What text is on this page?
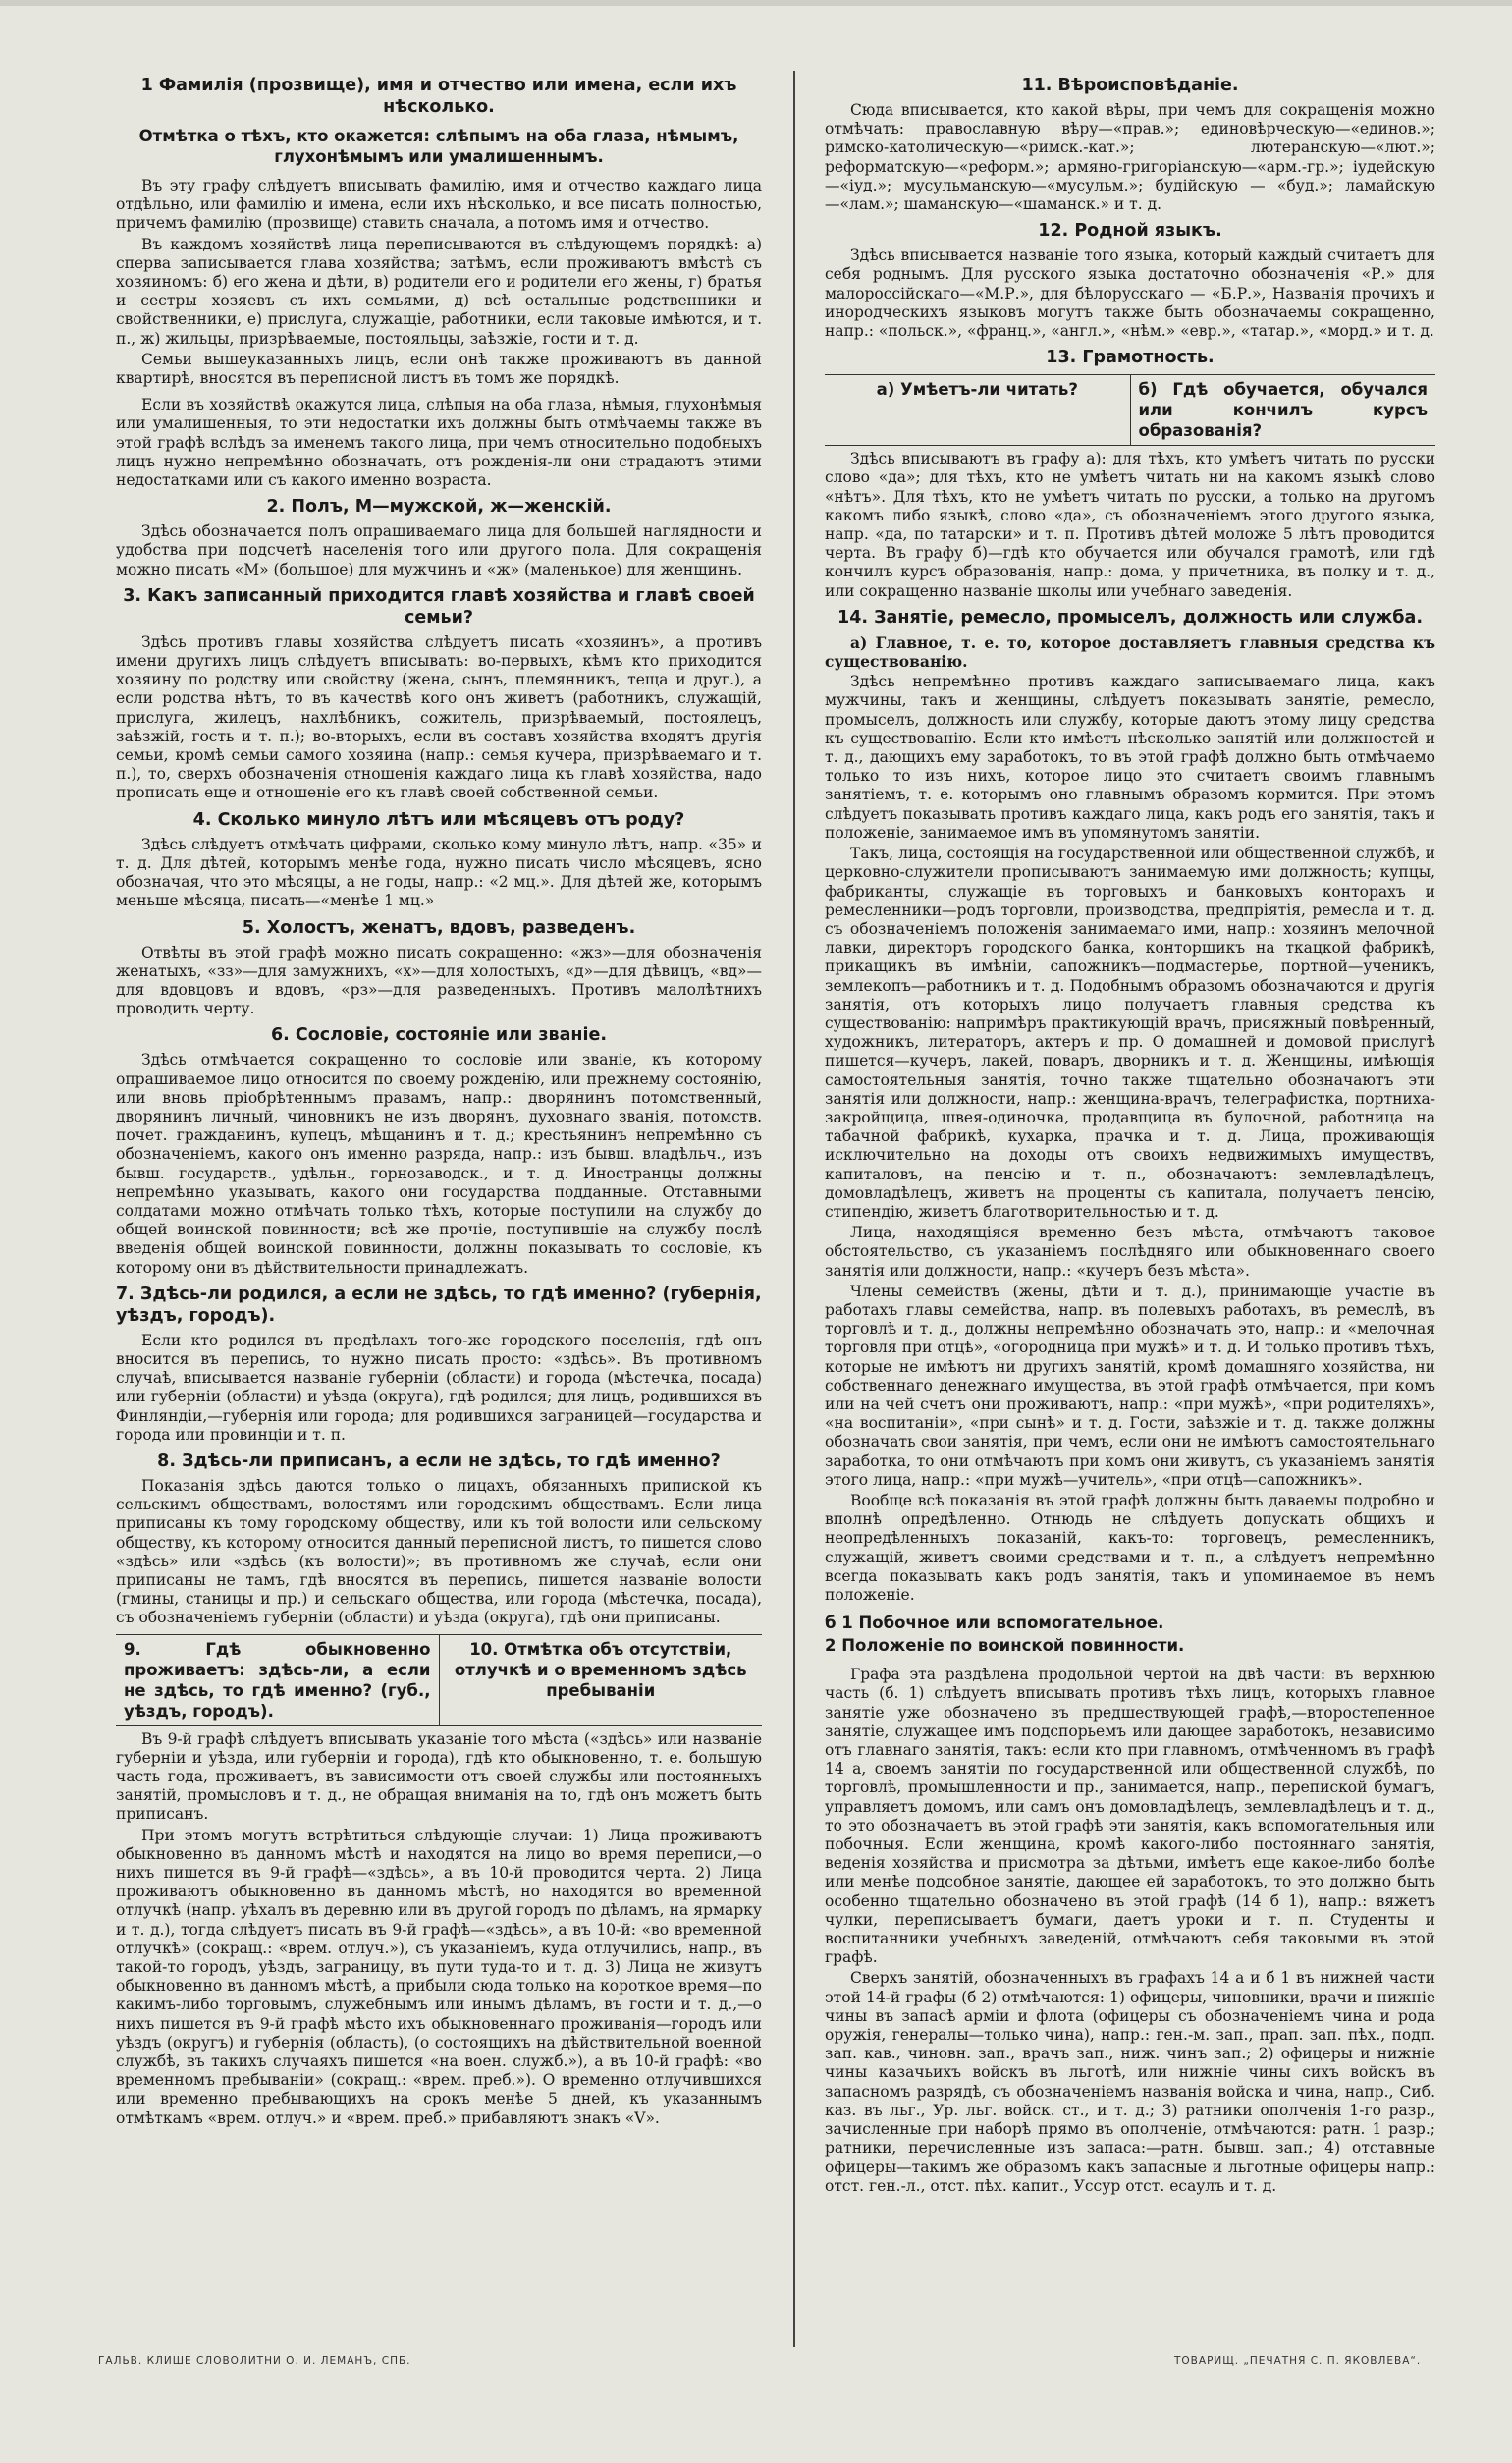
1 Фамилія (прозвище), имя и отчество или имена, если ихъ нѣсколько.
Отмѣтка о тѣхъ, кто окажется: слѣпымъ на оба глаза, нѣмымъ, глухонѣмымъ или умалишеннымъ.

Въ эту графу слѣдуетъ вписывать фамилію, имя и отчество каждаго лица отдѣльно, или фамилію и имена, если ихъ нѣсколько, и все писать полностью, причемъ фамилію (прозвище) ставить сначала, а потомъ имя и отчество.

Въ каждомъ хозяйствѣ лица переписываются въ слѣдующемъ порядкѣ: а) сперва записывается глава хозяйства; затѣмъ, если проживаютъ вмѣстѣ съ хозяиномъ: б) его жена и дѣти, в) родители его и родители его жены, г) братья и сестры хозяевъ съ ихъ семьями, д) всѣ остальные родственники и свойственники, е) прислуга, служащіе, работники, если таковые имѣются, и т. п., ж) жильцы, призрѣваемые, постояльцы, заѣзжіе, гости и т. д.

Семьи вышеуказанныхъ лицъ, если онѣ также проживаютъ въ данной квартирѣ, вносятся въ переписной листъ въ томъ же порядкѣ.

Если въ хозяйствѣ окажутся лица, слѣпыя на оба глаза, нѣмыя, глухонѣмыя или умалишенныя, то эти недостатки ихъ должны быть отмѣчаемы также въ этой графѣ вслѣдъ за именемъ такого лица, при чемъ относительно подобныхъ лицъ нужно непремѣнно обозначать, отъ рожденія-ли они страдаютъ этими недостатками или съ какого именно возраста.

2. Полъ, М—мужской, ж—женскій.

Здѣсь обозначается полъ опрашиваемаго лица для большей наглядности и удобства при подсчетѣ населенія того или другого пола. Для сокращенія можно писать «М» (большое) для мужчинъ и «ж» (маленькое) для женщинъ.

3. Какъ записанный приходится главѣ хозяйства и главѣ своей семьи?

Здѣсь противъ главы хозяйства слѣдуетъ писать «хозяинъ», а противъ имени другихъ лицъ слѣдуетъ вписывать: во-первыхъ, кѣмъ кто приходится хозяину по родству или свойству (жена, сынъ, племянникъ, теща и друг.), а если родства нѣтъ, то въ качествѣ кого онъ живетъ (работникъ, служащій, прислуга, жилецъ, нахлѣбникъ, сожитель, призрѣваемый, постоялецъ, заѣзжій, гость и т. п.); во-вторыхъ, если въ составъ хозяйства входятъ другія семьи, кромѣ семьи самого хозяина (напр.: семья кучера, призрѣваемаго и т. п.), то, сверхъ обозначенія отношенія каждаго лица къ главѣ хозяйства, надо прописать еще и отношеніе его къ главѣ своей собственной семьи.

4. Сколько минуло лѣтъ или мѣсяцевъ отъ роду?

Здѣсь слѣдуетъ отмѣчать цифрами, сколько кому минуло лѣтъ, напр. «35» и т. д. Для дѣтей, которымъ менѣе года, нужно писать число мѣсяцевъ, ясно обозначая, что это мѣсяцы, а не годы, напр.: «2 мц.». Для дѣтей же, которымъ меньше мѣсяца, писать—«менѣе 1 мц.»

5. Холостъ, женатъ, вдовъ, разведенъ.

Отвѣты въ этой графѣ можно писать сокращенно: «жз»—для обозначенія женатыхъ, «зз»—для замужнихъ, «х»—для холостыхъ, «д»—для дѣвицъ, «вд»—для вдовцовъ и вдовъ, «рз»—для разведенныхъ. Противъ малолѣтнихъ проводить черту.

6. Сословіе, состояніе или званіе.

Здѣсь отмѣчается сокращенно то сословіе или званіе, къ которому опрашиваемое лицо относится по своему рожденію, или прежнему состоянію, или вновь пріобрѣтеннымъ правамъ, напр.: дворянинъ потомственный, дворянинъ личный, чиновникъ не изъ дворянъ, духовнаго званія, потомств. почет. гражданинъ, купецъ, мѣщанинъ и т. д.; крестьянинъ непремѣнно съ обозначеніемъ, какого онъ именно разряда, напр.: изъ бывш. владѣльч., изъ бывш. государств., удѣльн., горнозаводск., и т. д. Иностранцы должны непремѣнно указывать, какого они государства подданные. Отставными солдатами можно отмѣчать только тѣхъ, которые поступили на службу до общей воинской повинности; всѣ же прочіе, поступившіе на службу послѣ введенія общей воинской повинности, должны показывать то сословіе, къ которому они въ дѣйствительности принадлежатъ.

7. Здѣсь-ли родился, а если не здѣсь, то гдѣ именно? (губернія, уѣздъ, городъ).

Если кто родился въ предѣлахъ того-же городского поселенія, гдѣ онъ вносится въ перепись, то нужно писать просто: «здѣсь». Въ противномъ случаѣ, вписывается названіе губерніи (области) и города (мѣстечка, посада) или губерніи (области) и уѣзда (округа), гдѣ родился; для лицъ, родившихся въ Финляндіи,—губернія или города; для родившихся заграницей—государства и города или провинціи и т. п.

8. Здѣсь-ли приписанъ, а если не здѣсь, то гдѣ именно?

Показанія здѣсь даются только о лицахъ, обязанныхъ припиской къ сельскимъ обществамъ, волостямъ или городскимъ обществамъ. Если лица приписаны къ тому городскому обществу, или къ той волости или сельскому обществу, къ которому относится данный переписной листъ, то пишется слово «здѣсь» или «здѣсь (къ волости)»; въ противномъ же случаѣ, если они приписаны не тамъ, гдѣ вносятся въ перепись, пишется названіе волости (гмины, станицы и пр.) и сельскаго общества, или города (мѣстечка, посада), съ обозначеніемъ губерніи (области) и уѣзда (округа), гдѣ они приписаны.

9. Гдѣ обыкновенно проживаетъ: здѣсь-ли, а если не здѣсь, то гдѣ именно? (губ., уѣздъ, городъ).
10. Отмѣтка объ отсутствіи, отлучкѣ и о временномъ здѣсь пребываніи

Въ 9-й графѣ слѣдуетъ вписывать указаніе того мѣста («здѣсь» или названіе губерніи и уѣзда, или губерніи и города), гдѣ кто обыкновенно, т. е. большую часть года, проживаетъ, въ зависимости отъ своей службы или постоянныхъ занятій, промысловъ и т. д., не обращая вниманія на то, гдѣ онъ можетъ быть приписанъ.

При этомъ могутъ встрѣтиться слѣдующіе случаи: 1) Лица проживаютъ обыкновенно въ данномъ мѣстѣ и находятся на лицо во время переписи,—о нихъ пишется въ 9-й графѣ—«здѣсь», а въ 10-й проводится черта. 2) Лица проживаютъ обыкновенно въ данномъ мѣстѣ, но находятся во временной отлучкѣ (напр. уѣхалъ въ деревню или въ другой городъ по дѣламъ, на ярмарку и т. д.), тогда слѣдуетъ писать въ 9-й графѣ—«здѣсь», а въ 10-й: «во временной отлучкѣ» (сокращ.: «врем. отлуч.»), съ указаніемъ, куда отлучились, напр., въ такой-то городъ, уѣздъ, заграницу, въ пути туда-то и т. д. 3) Лица не живутъ обыкновенно въ данномъ мѣстѣ, а прибыли сюда только на короткое время—по какимъ-либо торговымъ, служебнымъ или инымъ дѣламъ, въ гости и т. д.,—о нихъ пишется въ 9-й графѣ мѣсто ихъ обыкновеннаго проживанія—городъ или уѣздъ (округъ) и губернія (область), (о состоящихъ на дѣйствительной военной службѣ, въ такихъ случаяхъ пишется «на воен. служб.»), а въ 10-й графѣ: «во временномъ пребываніи» (сокращ.: «врем. преб.»). О временно отлучившихся или временно пребывающихъ на срокъ менѣе 5 дней, къ указаннымъ отмѣткамъ «врем. отлуч.» и «врем. преб.» прибавляютъ знакъ «V».

11. Вѣроисповѣданіе.

Сюда вписывается, кто какой вѣры, при чемъ для сокращенія можно отмѣчать: православную вѣру—«прав.»; единовѣрческую—«единов.»; римско-католическую—«римск.-кат.»; лютеранскую—«лют.»; реформатскую—«реформ.»; армяно-григоріанскую—«арм.-гр.»; іудейскую—«іуд.»; мусульманскую—«мусульм.»; будійскую — «буд.»; ламайскую—«лам.»; шаманскую—«шаманск.» и т. д.

12. Родной языкъ.

Здѣсь вписывается названіе того языка, который каждый считаетъ для себя роднымъ. Для русского языка достаточно обозначенія «Р.» для малороссійскаго—«М.Р.», для бѣлорусскаго — «Б.Р.», Названія прочихъ и инородческихъ языковъ могутъ также быть обозначаемы сокращенно, напр.: «польск.», «франц.», «англ.», «нѣм.» «евр.», «татар.», «морд.» и т. д.

13. Грамотность.
а) Умѣетъ-ли читать?	б) Гдѣ обучается, обучался или кончилъ курсъ образованія?

Здѣсь вписываютъ въ графу а): для тѣхъ, кто умѣетъ читать по русски слово «да»; для тѣхъ, кто не умѣетъ читать ни на какомъ языкѣ слово «нѣтъ». Для тѣхъ, кто не умѣетъ читать по русски, а только на другомъ какомъ либо языкѣ, слово «да», съ обозначеніемъ этого другого языка, напр. «да, по татарски» и т. п. Противъ дѣтей моложе 5 лѣтъ проводится черта. Въ графу б)—гдѣ кто обучается или обучался грамотѣ, или гдѣ кончилъ курсъ образованія, напр.: дома, у причетника, въ полку и т. д., или сокращенно названіе школы или учебнаго заведенія.

14. Занятіе, ремесло, промыселъ, должность или служба.

а) Главное, т. е. то, которое доставляетъ главныя средства къ существованію.

Здѣсь непремѣнно противъ каждаго записываемаго лица, какъ мужчины, такъ и женщины, слѣдуетъ показывать занятіе, ремесло, промыселъ, должность или службу, которые даютъ этому лицу средства къ существованію. Если кто имѣетъ нѣсколько занятій или должностей и т. д., дающихъ ему заработокъ, то въ этой графѣ должно быть отмѣчаемо только то изъ нихъ, которое лицо это считаетъ своимъ главнымъ занятіемъ, т. е. которымъ оно главнымъ образомъ кормится. При этомъ слѣдуетъ показывать противъ каждаго лица, какъ родъ его занятія, такъ и положеніе, занимаемое имъ въ упомянутомъ занятіи.

Такъ, лица, состоящія на государственной или общественной службѣ, и церковно-служители прописываютъ занимаемую ими должность; купцы, фабриканты, служащіе въ торговыхъ и банковыхъ конторахъ и ремесленники—родъ торговли, производства, предпріятія, ремесла и т. д. съ обозначеніемъ положенія занимаемаго ими, напр.: хозяинъ мелочной лавки, директоръ городского банка, конторщикъ на ткацкой фабрикѣ, прикащикъ въ имѣніи, сапожникъ—подмастерье, портной—ученикъ, землекопъ—работникъ и т. д. Подобнымъ образомъ обозначаются и другія занятія, отъ которыхъ лицо получаетъ главныя средства къ существованію: напримѣръ практикующій врачъ, присяжный повѣренный, художникъ, литераторъ, актеръ и пр. О домашней и домовой прислугѣ пишется—кучеръ, лакей, поваръ, дворникъ и т. д. Женщины, имѣющія самостоятельныя занятія, точно также тщательно обозначаютъ эти занятія или должности, напр.: женщина-врачъ, телеграфистка, портниха-закройщица, швея-одиночка, продавщица въ булочной, работница на табачной фабрикѣ, кухарка, прачка и т. д. Лица, проживающія исключительно на доходы отъ своихъ недвижимыхъ имуществъ, капиталовъ, на пенсію и т. п., обозначаютъ: землевладѣлецъ, домовладѣлецъ, живетъ на проценты съ капитала, получаетъ пенсію, стипендію, живетъ благотворительностью и т. д.

Лица, находящіяся временно безъ мѣста, отмѣчаютъ таковое обстоятельство, съ указаніемъ послѣдняго или обыкновеннаго своего занятія или должности, напр.: «кучеръ безъ мѣста».

Члены семействъ (жены, дѣти и т. д.), принимающіе участіе въ работахъ главы семейства, напр. въ полевыхъ работахъ, въ ремеслѣ, въ торговлѣ и т. д., должны непремѣнно обозначать это, напр.: и «мелочная торговля при отцѣ», «огородница при мужѣ» и т. д. И только противъ тѣхъ, которые не имѣютъ ни другихъ занятій, кромѣ домашняго хозяйства, ни собственнаго денежнаго имущества, въ этой графѣ отмѣчается, при комъ или на чей счетъ они проживаютъ, напр.: «при мужѣ», «при родителяхъ», «на воспитаніи», «при сынѣ» и т. д. Гости, заѣзжіе и т. д. также должны обозначать свои занятія, при чемъ, если они не имѣютъ самостоятельнаго заработка, то они отмѣчаютъ при комъ они живутъ, съ указаніемъ занятія этого лица, напр.: «при мужѣ—учитель», «при отцѣ—сапожникъ».

Вообще всѣ показанія въ этой графѣ должны быть даваемы подробно и вполнѣ опредѣленно. Отнюдь не слѣдуетъ допускать общихъ и неопредѣленныхъ показаній, какъ-то: торговецъ, ремесленникъ, служащій, живетъ своими средствами и т. п., а слѣдуетъ непремѣнно всегда показывать какъ родъ занятія, такъ и упоминаемое въ немъ положеніе.

б 1 Побочное или вспомогательное.
2 Положеніе по воинской повинности.

Графа эта раздѣлена продольной чертой на двѣ части: въ верхнюю часть (б. 1) слѣдуетъ вписывать противъ тѣхъ лицъ, которыхъ главное занятіе уже обозначено въ предшествующей графѣ,—второстепенное занятіе, служащее имъ подспорьемъ или дающее заработокъ, независимо отъ главнаго занятія, такъ: если кто при главномъ, отмѣченномъ въ графѣ 14 а, своемъ занятіи по государственной или общественной службѣ, по торговлѣ, промышленности и пр., занимается, напр., перепиской бумагъ, управляетъ домомъ, или самъ онъ домовладѣлецъ, землевладѣлецъ и т. д., то это обозначаетъ въ этой графѣ эти занятія, какъ вспомогательныя или побочныя. Если женщина, кромѣ какого-либо постояннаго занятія, веденія хозяйства и присмотра за дѣтьми, имѣетъ еще какое-либо болѣе или менѣе подсобное занятіе, дающее ей заработокъ, то это должно быть особенно тщательно обозначено въ этой графѣ (14 б 1), напр.: вяжетъ чулки, переписываетъ бумаги, даетъ уроки и т. п. Студенты и воспитанники учебныхъ заведеній, отмѣчаютъ себя таковыми въ этой графѣ.

Сверхъ занятій, обозначенныхъ въ графахъ 14 а и б 1 въ нижней части этой 14-й графы (б 2) отмѣчаются: 1) офицеры, чиновники, врачи и нижніе чины въ запасѣ арміи и флота (офицеры съ обозначеніемъ чина и рода оружія, генералы—только чина), напр.: ген.-м. зап., прап. зап. пѣх., подп. зап. кав., чиновн. зап., врачъ зап., ниж. чинъ зап.; 2) офицеры и нижніе чины казачьихъ войскъ въ льготѣ, или нижніе чины сихъ войскъ въ запасномъ разрядѣ, съ обозначеніемъ названія войска и чина, напр., Сиб. каз. въ льг., Ур. льг. войск. ст., и т. д.; 3) ратники ополченія 1-го разр., зачисленные при наборѣ прямо въ ополченіе, отмѣчаются: ратн. 1 разр.; ратники, перечисленные изъ запаса:—ратн. бывш. зап.; 4) отставные офицеры—такимъ же образомъ какъ запасные и льготные офицеры напр.: отст. ген.-л., отст. пѣх. капит., Уссур отст. есаулъ и т. д.

ГАЛЬВ. КЛИШЕ СЛОВОЛИТНИ О. И. ЛЕМАНЪ, СПБ.	ТОВАРИЩ. „ПЕЧАТНЯ С. П. ЯКОВЛЕВА“.
